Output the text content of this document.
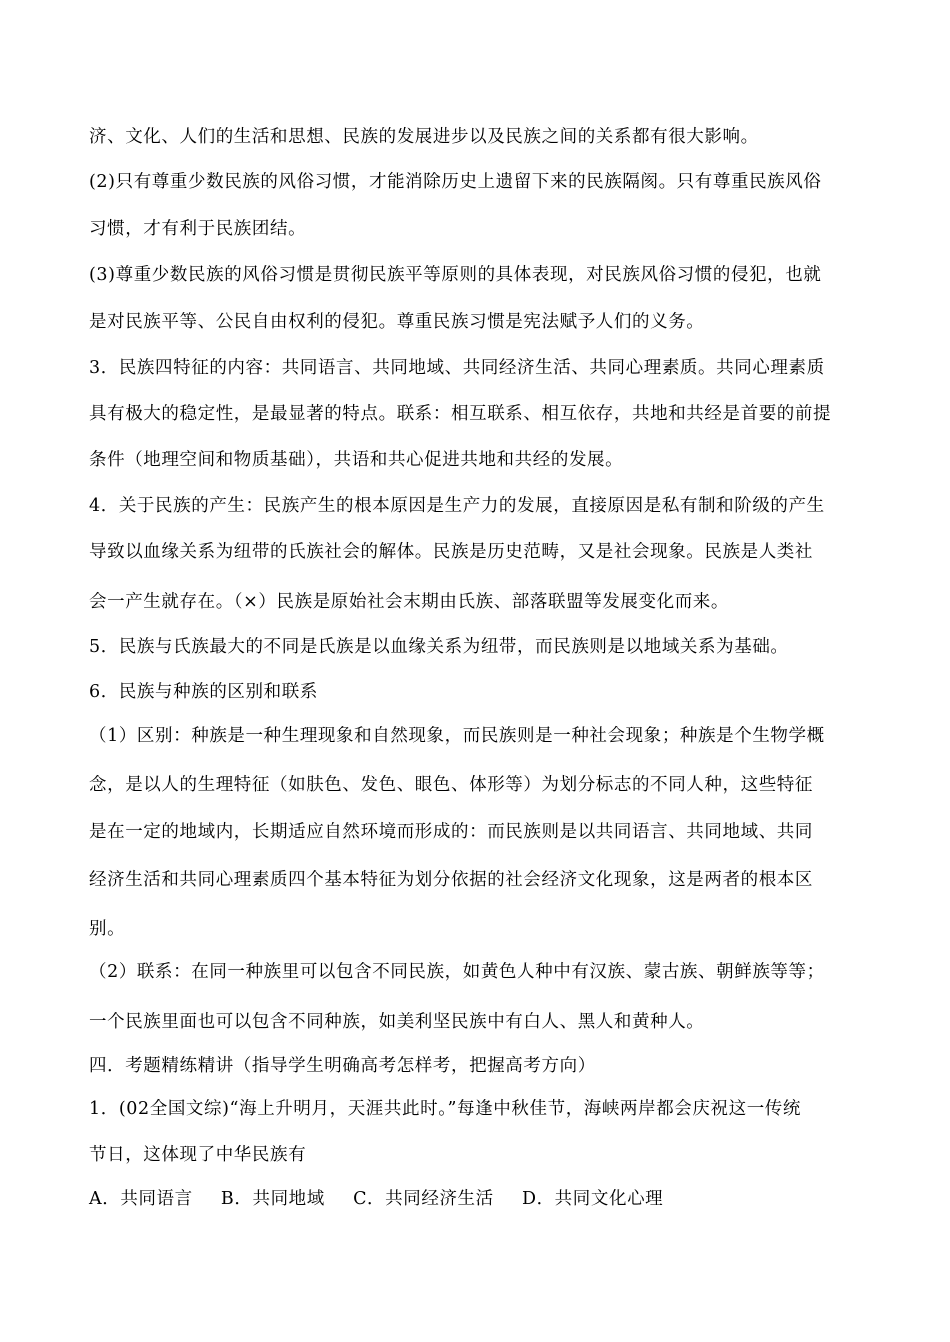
济、文化、人们的生活和思想、民族的发展进步以及民族之间的关系都有很大影响。
(2)只有尊重少数民族的风俗习惯，才能消除历史上遗留下来的民族隔阂。只有尊重民族风俗
习惯，才有利于民族团结。
(3)尊重少数民族的风俗习惯是贯彻民族平等原则的具体表现，对民族风俗习惯的侵犯，也就
是对民族平等、公民自由权利的侵犯。尊重民族习惯是宪法赋予人们的义务。
3．民族四特征的内容：共同语言、共同地域、共同经济生活、共同心理素质。共同心理素质
具有极大的稳定性，是最显著的特点。联系：相互联系、相互依存，共地和共经是首要的前提
条件（地理空间和物质基础），共语和共心促进共地和共经的发展。
4．关于民族的产生：民族产生的根本原因是生产力的发展，直接原因是私有制和阶级的产生
导致以血缘关系为纽带的氏族社会的解体。民族是历史范畴，又是社会现象。民族是人类社
会一产生就存在。（×）民族是原始社会末期由氏族、部落联盟等发展变化而来。
5．民族与氏族最大的不同是氏族是以血缘关系为纽带，而民族则是以地域关系为基础。
6．民族与种族的区别和联系
（1）区别：种族是一种生理现象和自然现象，而民族则是一种社会现象；种族是个生物学概
念，是以人的生理特征（如肤色、发色、眼色、体形等）为划分标志的不同人种，这些特征
是在一定的地域内，长期适应自然环境而形成的：而民族则是以共同语言、共同地域、共同
经济生活和共同心理素质四个基本特征为划分依据的社会经济文化现象，这是两者的根本区
别。
（2）联系：在同一种族里可以包含不同民族，如黄色人种中有汉族、蒙古族、朝鲜族等等；
一个民族里面也可以包含不同种族，如美利坚民族中有白人、黑人和黄种人。
四．考题精练精讲（指导学生明确高考怎样考，把握高考方向）
1．(02全国文综)“海上升明月，天涯共此时。”每逢中秋佳节，海峡两岸都会庆祝这一传统
节日，这体现了中华民族有
A．共同语言 B．共同地域 C．共同经济生活 D．共同文化心理
